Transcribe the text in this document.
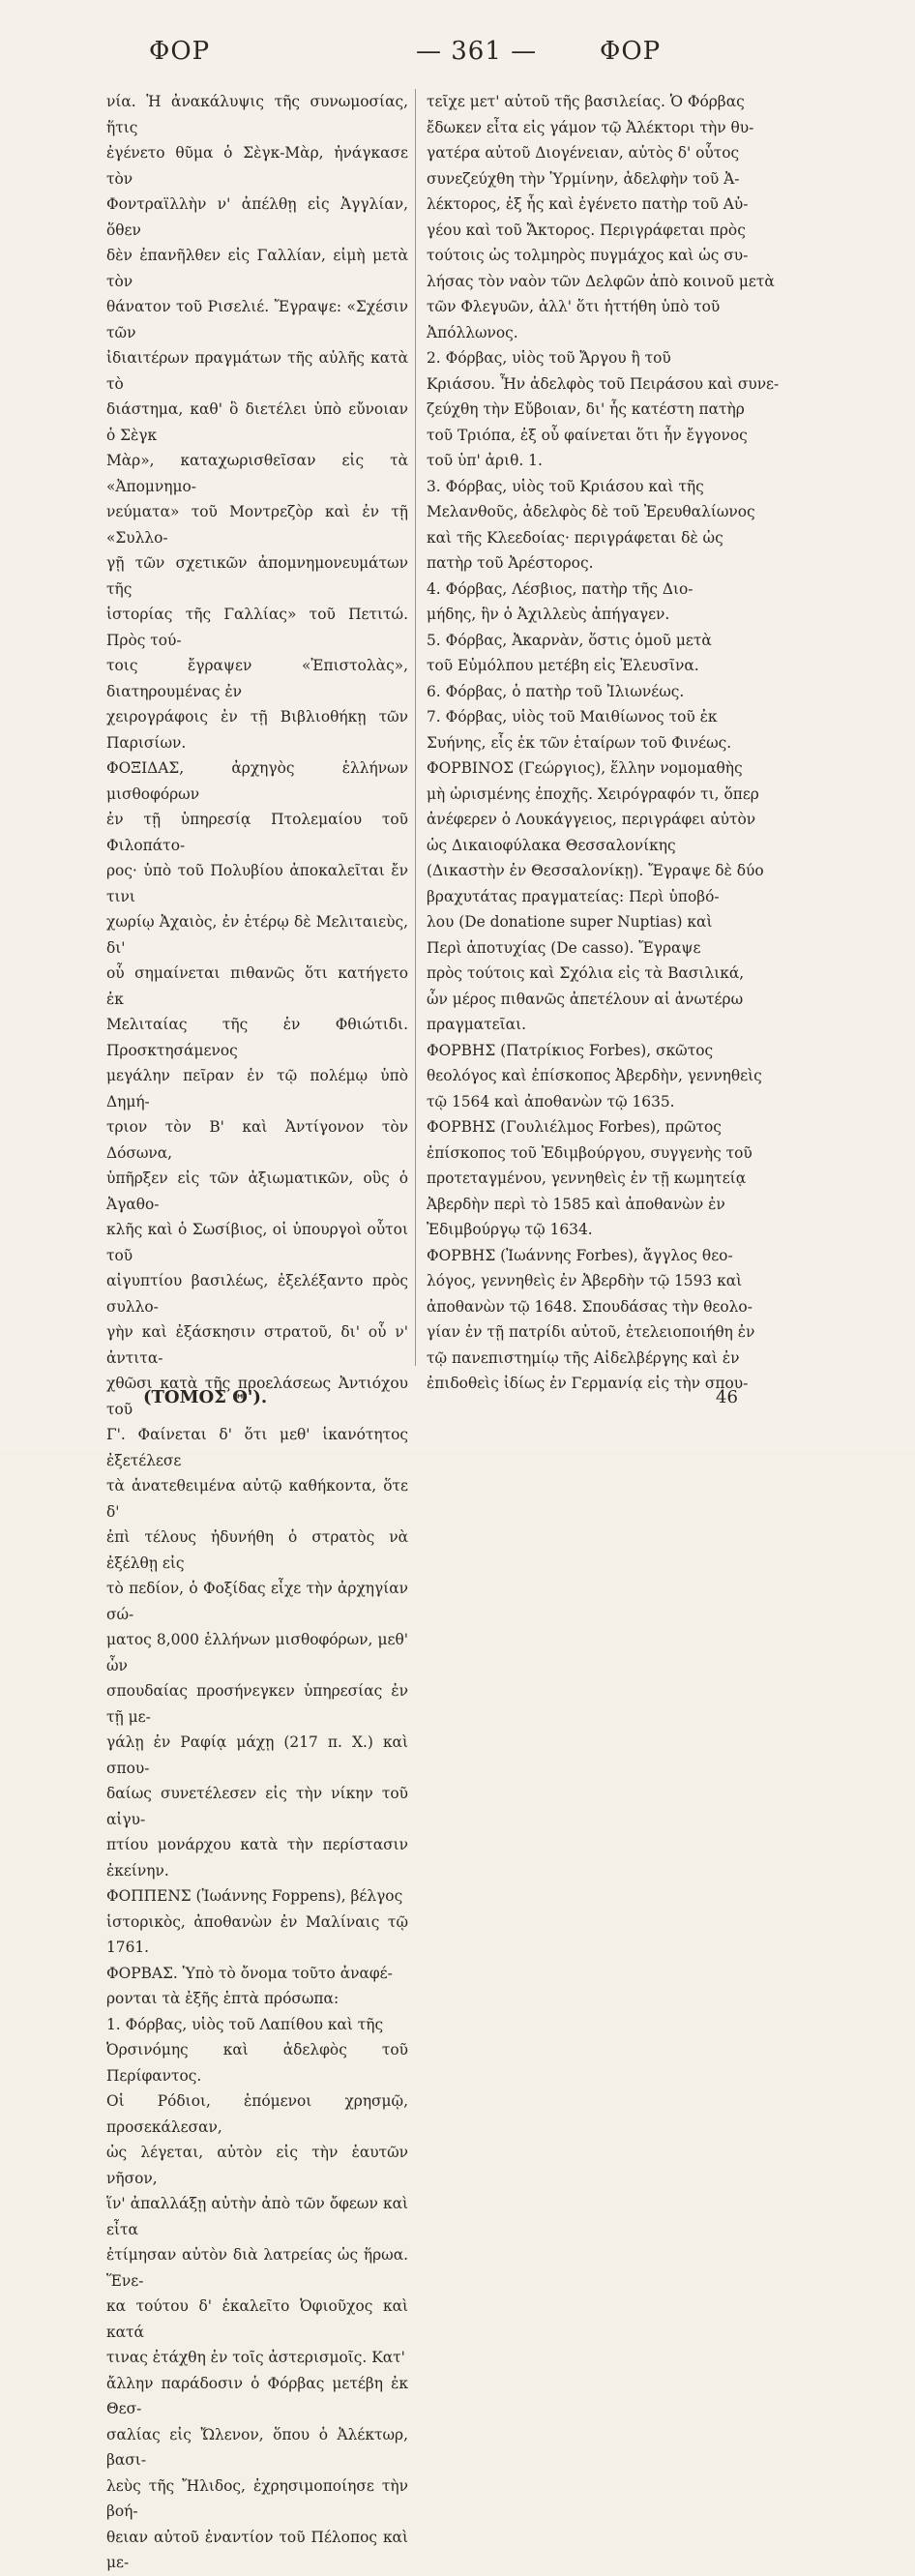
ΦΟΡ	— 361 — ΦΟΡ

νία. Ἡ ἀνακάλυψις τῆς συνωμοσίας, ἥτις

ἐγένετο θῦμα ὁ Σὲγκ-Μὰρ, ἠνάγκασε τὸν

Φοντραϊλλὴν ν' ἀπέλθῃ εἰς Ἀγγλίαν, ὅθεν

δὲν ἐπανῆλθεν εἰς Γαλλίαν, εἰμὴ μετὰ τὸν

θάνατον τοῦ Ρισελιέ. Ἔγραψε: «Σχέσιν τῶν

ἰδιαιτέρων πραγμάτων τῆς αὐλῆς κατὰ τὸ

διάστημα, καθ' ὃ διετέλει ὑπὸ εὔνοιαν ὁ Σὲγκ

Μὰρ», καταχωρισθεῖσαν εἰς τὰ «Ἀπομνημο-

νεύματα» τοῦ Μοντρεζὸρ καὶ ἐν τῇ «Συλλο-

γῇ τῶν σχετικῶν ἀπομνημονευμάτων τῆς

ἱστορίας τῆς Γαλλίας» τοῦ Πετιτώ. Πρὸς τού-

τοις ἔγραψεν «Ἐπιστολὰς», διατηρουμένας ἐν

χειρογράφοις ἐν τῇ Βιβλιοθήκῃ τῶν Παρισίων.

ΦΟΞΙΔΑΣ, ἀρχηγὸς ἑλλήνων μισθοφόρων

ἐν τῇ ὑπηρεσίᾳ Πτολεμαίου τοῦ Φιλοπάτο-

ρος· ὑπὸ τοῦ Πολυβίου ἀποκαλεῖται ἔν τινι

χωρίῳ Ἀχαιὸς, ἐν ἑτέρῳ δὲ Μελιταιεὺς, δι'

οὗ σημαίνεται πιθανῶς ὅτι κατήγετο ἐκ

Μελιταίας τῆς ἐν Φθιώτιδι. Προσκτησάμενος

μεγάλην πεῖραν ἐν τῷ πολέμῳ ὑπὸ Δημή-

τριον τὸν Β' καὶ Ἀντίγονον τὸν Δόσωνα,

ὑπῆρξεν εἰς τῶν ἀξιωματικῶν, οὓς ὁ Ἀγαθο-

κλῆς καὶ ὁ Σωσίβιος, οἱ ὑπουργοὶ οὗτοι τοῦ

αἰγυπτίου βασιλέως, ἐξελέξαντο πρὸς συλλο-

γὴν καὶ ἐξάσκησιν στρατοῦ, δι' οὗ ν' ἀντιτα-

χθῶσι κατὰ τῆς προελάσεως Ἀντιόχου τοῦ

Γ'. Φαίνεται δ' ὅτι μεθ' ἱκανότητος ἐξετέλεσε

τὰ ἀνατεθειμένα αὐτῷ καθήκοντα, ὅτε δ'

ἐπὶ τέλους ἠδυνήθη ὁ στρατὸς νὰ ἐξέλθῃ εἰς

τὸ πεδίον, ὁ Φοξίδας εἶχε τὴν ἀρχηγίαν σώ-

ματος 8,000 ἑλλήνων μισθοφόρων, μεθ' ὧν

σπουδαίας προσήνεγκεν ὑπηρεσίας ἐν τῇ με-

γάλῃ ἐν Ραφίᾳ μάχῃ (217 π. Χ.) καὶ σπου-

δαίως συνετέλεσεν εἰς τὴν νίκην τοῦ αἰγυ-

πτίου μονάρχου κατὰ τὴν περίστασιν ἐκείνην.

ΦΟΠΠΕΝΣ (Ἰωάννης Foppens), βέλγος

ἱστορικὸς, ἀποθανὼν ἐν Μαλίναις τῷ 1761.

ΦΟΡΒΑΣ. Ὑπὸ τὸ ὄνομα τοῦτο ἀναφέ-

ρονται τὰ ἑξῆς ἑπτὰ πρόσωπα:

1. Φόρβας, υἱὸς τοῦ Λαπίθου καὶ τῆς

Ὀρσινόμης καὶ ἀδελφὸς τοῦ Περίφαντος.

Οἱ Ρόδιοι, ἑπόμενοι χρησμῷ, προσεκάλεσαν,

ὡς λέγεται, αὐτὸν εἰς τὴν ἑαυτῶν νῆσον,

ἵν' ἀπαλλάξῃ αὐτὴν ἀπὸ τῶν ὄφεων καὶ εἶτα

ἐτίμησαν αὐτὸν διὰ λατρείας ὡς ἥρωα. Ἕνε-

κα τούτου δ' ἐκαλεῖτο Ὀφιοῦχος καὶ κατά

τινας ἐτάχθη ἐν τοῖς ἀστερισμοῖς. Κατ'

ἄλλην παράδοσιν ὁ Φόρβας μετέβη ἐκ Θεσ-

σαλίας εἰς Ὤλενον, ὅπου ὁ Ἀλέκτωρ, βασι-

λεὺς τῆς Ἤλιδος, ἐχρησιμοποίησε τὴν βοή-

θειαν αὐτοῦ ἐναντίον τοῦ Πέλοπος καὶ με-

τεῖχε μετ' αὐτοῦ τῆς βασιλείας. Ὁ Φόρβας

ἔδωκεν εἶτα εἰς γάμον τῷ Ἀλέκτορι τὴν θυ-

γατέρα αὐτοῦ Διογένειαν, αὐτὸς δ' οὗτος

συνεζεύχθη τὴν Ὑρμίνην, ἀδελφὴν τοῦ Ἀ-

λέκτορος, ἐξ ἧς καὶ ἐγένετο πατὴρ τοῦ Αὐ-

γέου καὶ τοῦ Ἄκτορος. Περιγράφεται πρὸς

τούτοις ὡς τολμηρὸς πυγμάχος καὶ ὡς συ-

λήσας τὸν ναὸν τῶν Δελφῶν ἀπὸ κοινοῦ μετὰ

τῶν Φλεγυῶν, ἀλλ' ὅτι ἡττήθη ὑπὸ τοῦ

Ἀπόλλωνος.

2. Φόρβας, υἱὸς τοῦ Ἄργου ἢ τοῦ

Κριάσου. Ἦν ἀδελφὸς τοῦ Πειράσου καὶ συνε-

ζεύχθη τὴν Εὔβοιαν, δι' ἧς κατέστη πατὴρ

τοῦ Τριόπα, ἐξ οὗ φαίνεται ὅτι ἦν ἔγγονος

τοῦ ὑπ' ἀριθ. 1.

3. Φόρβας, υἱὸς τοῦ Κριάσου καὶ τῆς

Μελανθοῦς, ἀδελφὸς δὲ τοῦ Ἐρευθαλίωνος

καὶ τῆς Κλεεδοίας· περιγράφεται δὲ ὡς

πατὴρ τοῦ Ἀρέστορος.

4. Φόρβας, Λέσβιος, πατὴρ τῆς Διο-

μήδης, ἣν ὁ Ἀχιλλεὺς ἀπήγαγεν.

5. Φόρβας, Ἀκαρνὰν, ὅστις ὁμοῦ μετὰ

τοῦ Εὐμόλπου μετέβη εἰς Ἐλευσῖνα.

6. Φόρβας, ὁ πατὴρ τοῦ Ἰλιωνέως.

7. Φόρβας, υἱὸς τοῦ Μαιθίωνος τοῦ ἐκ

Συήνης, εἷς ἐκ τῶν ἑταίρων τοῦ Φινέως.

ΦΟΡΒΙΝΟΣ (Γεώργιος), ἕλλην νομομαθὴς

μὴ ὡρισμένης ἐποχῆς. Χειρόγραφόν τι, ὅπερ

ἀνέφερεν ὁ Λουκάγγειος, περιγράφει αὐτὸν

ὡς Δικαιοφύλακα Θεσσαλονίκης

(Δικαστὴν ἐν Θεσσαλονίκῃ). Ἔγραψε δὲ δύο

βραχυτάτας πραγματείας: Περὶ ὑποβό-

λου (De donatione super Nuptias) καὶ

Περὶ ἀποτυχίας (De casso). Ἔγραψε

πρὸς τούτοις καὶ Σχόλια εἰς τὰ Βασιλικά,

ὧν μέρος πιθανῶς ἀπετέλουν αἱ ἀνωτέρω

πραγματεῖαι.

ΦΟΡΒΗΣ (Πατρίκιος Forbes), σκῶτος

θεολόγος καὶ ἐπίσκοπος Ἀβερδὴν, γεννηθεὶς

τῷ 1564 καὶ ἀποθανὼν τῷ 1635.

ΦΟΡΒΗΣ (Γουλιέλμος Forbes), πρῶτος

ἐπίσκοπος τοῦ Ἐδιμβούργου, συγγενὴς τοῦ

προτεταγμένου, γεννηθεὶς ἐν τῇ κωμητείᾳ

Ἀβερδὴν περὶ τὸ 1585 καὶ ἀποθανὼν ἐν

Ἐδιμβούργῳ τῷ 1634.

ΦΟΡΒΗΣ (Ἰωάννης Forbes), ἄγγλος θεο-

λόγος, γεννηθεὶς ἐν Ἀβερδὴν τῷ 1593 καὶ

ἀποθανὼν τῷ 1648. Σπουδάσας τὴν θεολο-

γίαν ἐν τῇ πατρίδι αὐτοῦ, ἐτελειοποιήθη ἐν

τῷ πανεπιστημίῳ τῆς Αἰδελβέργης καὶ ἐν

ἐπιδοθεὶς ἰδίως ἐν Γερμανίᾳ εἰς τὴν σπου-

(ΤΟΜΟΣ Θ').	46
